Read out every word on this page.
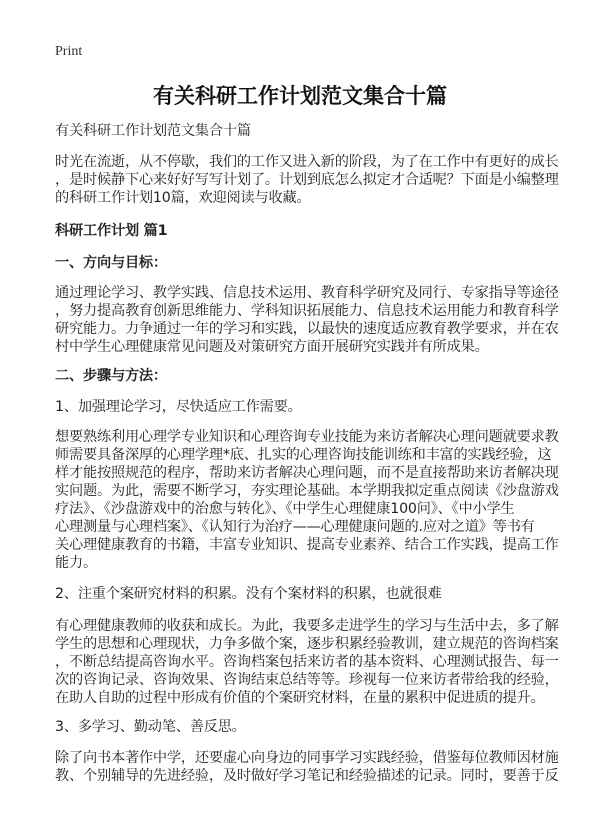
Print
有关科研工作计划范文集合十篇
有关科研工作计划范文集合十篇
时光在流逝，从不停歇，我们的工作又进入新的阶段，为了在工作中有更好的成长
，是时候静下心来好好写写计划了。计划到底怎么拟定才合适呢？下面是小编整理
的科研工作计划10篇，欢迎阅读与收藏。
科研工作计划 篇1
一、方向与目标：
通过理论学习、教学实践、信息技术运用、教育科学研究及同行、专家指导等途径
，努力提高教育创新思维能力、学科知识拓展能力、信息技术运用能力和教育科学
研究能力。力争通过一年的学习和实践，以最快的速度适应教育教学要求，并在农
村中学生心理健康常见问题及对策研究方面开展研究实践并有所成果。
二、步骤与方法：
1、加强理论学习，尽快适应工作需要。
想要熟练利用心理学专业知识和心理咨询专业技能为来访者解决心理问题就要求教
师需要具备深厚的心理学理*底、扎实的心理咨询技能训练和丰富的实践经验，这
样才能按照规范的程序，帮助来访者解决心理问题，而不是直接帮助来访者解决现
实问题。为此，需要不断学习，夯实理论基础。本学期我拟定重点阅读《沙盘游戏
疗法》、《沙盘游戏中的治愈与转化》、《中学生心理健康100问》、《中小学生
心理测量与心理档案》、《认知行为治疗——心理健康问题的.应对之道》等书有
关心理健康教育的书籍，丰富专业知识、提高专业素养、结合工作实践，提高工作
能力。
2、注重个案研究材料的积累。没有个案材料的积累，也就很难
有心理健康教师的收获和成长。为此，我要多走进学生的学习与生活中去，多了解
学生的思想和心理现状，力争多做个案，逐步积累经验教训，建立规范的咨询档案
，不断总结提高咨询水平。咨询档案包括来访者的基本资料、心理测试报告、每一
次的咨询记录、咨询效果、咨询结束总结等等。珍视每一位来访者带给我的经验，
在助人自助的过程中形成有价值的个案研究材料，在量的累积中促进质的提升。
3、多学习、勤动笔、善反思。
除了向书本著作中学，还要虚心向身边的同事学习实践经验，借鉴每位教师因材施
教、个别辅导的先进经验，及时做好学习笔记和经验描述的记录。同时，要善于反
